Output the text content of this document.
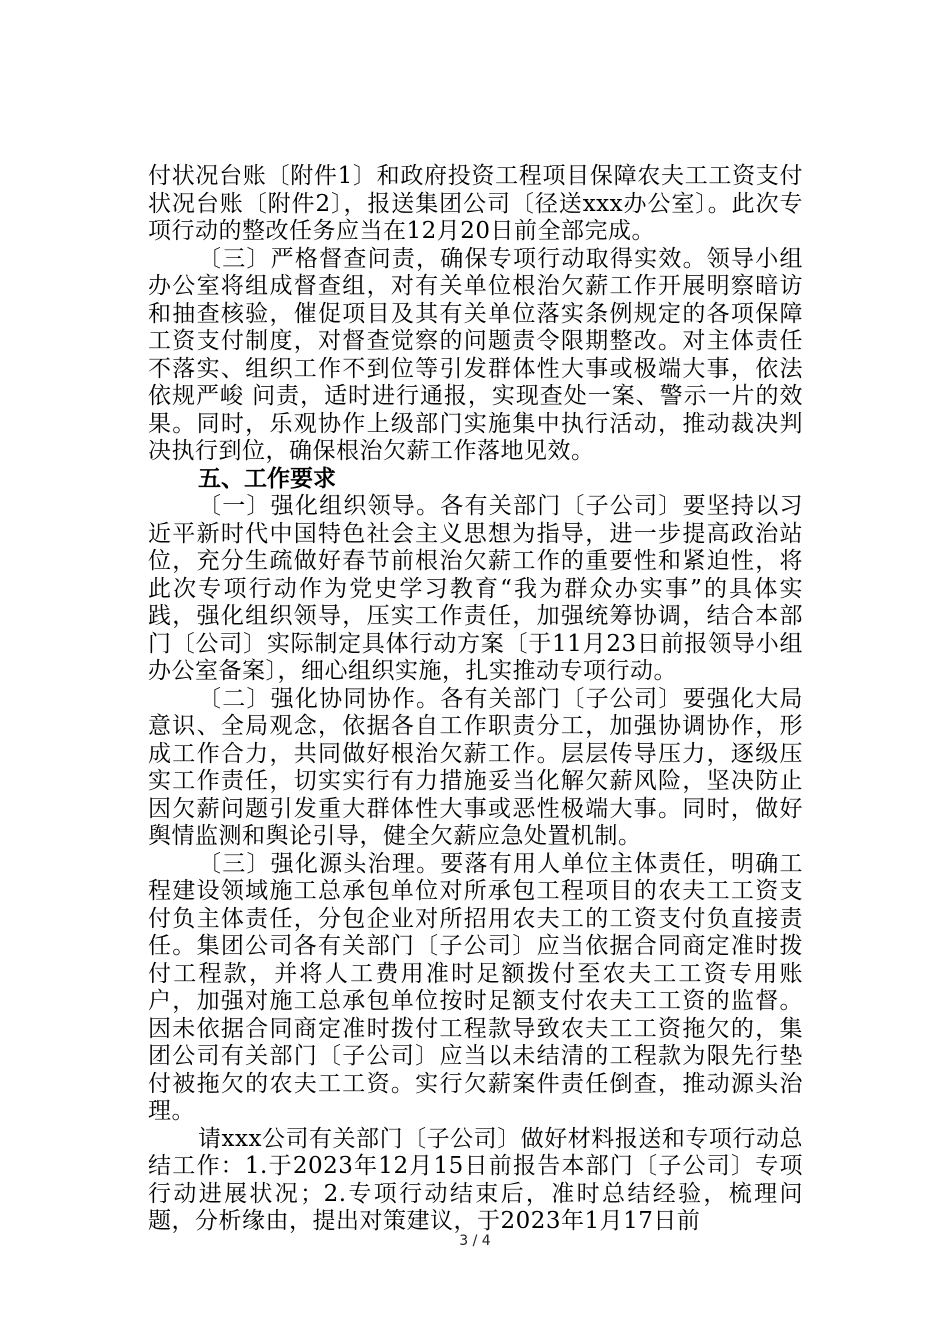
付状况台账〔附件1〕和政府投资工程项目保障农夫工工资支付状况台账〔附件2〕，报送集团公司〔径送xxx办公室〕。此次专项行动的整改任务应当在12月20日前全部完成。

〔三〕严格督查问责，确保专项行动取得实效。领导小组办公室将组成督查组，对有关单位根治欠薪工作开展明察暗访和抽查核验，催促项目及其有关单位落实条例规定的各项保障工资支付制度，对督查觉察的问题责令限期整改。对主体责任不落实、组织工作不到位等引发群体性大事或极端大事，依法依规严峻 问责，适时进行通报，实现查处一案、警示一片的效果。同时，乐观协作上级部门实施集中执行活动，推动裁决判决执行到位，确保根治欠薪工作落地见效。

五、工作要求

〔一〕强化组织领导。各有关部门〔子公司〕要坚持以习近平新时代中国特色社会主义思想为指导，进一步提高政治站位，充分生疏做好春节前根治欠薪工作的重要性和紧迫性，将此次专项行动作为党史学习教育“我为群众办实事”的具体实践，强化组织领导，压实工作责任，加强统筹协调，结合本部门〔公司〕实际制定具体行动方案〔于11月23日前报领导小组办公室备案〕，细心组织实施，扎实推动专项行动。

〔二〕强化协同协作。各有关部门〔子公司〕要强化大局意识、全局观念，依据各自工作职责分工，加强协调协作，形成工作合力，共同做好根治欠薪工作。层层传导压力，逐级压实工作责任，切实实行有力措施妥当化解欠薪风险，坚决防止因欠薪问题引发重大群体性大事或恶性极端大事。同时，做好舆情监测和舆论引导，健全欠薪应急处置机制。

〔三〕强化源头治理。要落有用人单位主体责任，明确工程建设领域施工总承包单位对所承包工程项目的农夫工工资支付负主体责任，分包企业对所招用农夫工的工资支付负直接责任。集团公司各有关部门〔子公司〕应当依据合同商定准时拨付工程款，并将人工费用准时足额拨付至农夫工工资专用账户，加强对施工总承包单位按时足额支付农夫工工资的监督。因未依据合同商定准时拨付工程款导致农夫工工资拖欠的，集团公司有关部门〔子公司〕应当以未结清的工程款为限先行垫付被拖欠的农夫工工资。实行欠薪案件责任倒查，推动源头治理。

请xxx公司有关部门〔子公司〕做好材料报送和专项行动总结工作：1.于2023年12月15日前报告本部门〔子公司〕专项行动进展状况；2.专项行动结束后，准时总结经验，梳理问题，分析缘由，提出对策建议，于2023年1月17日前

3 / 4
